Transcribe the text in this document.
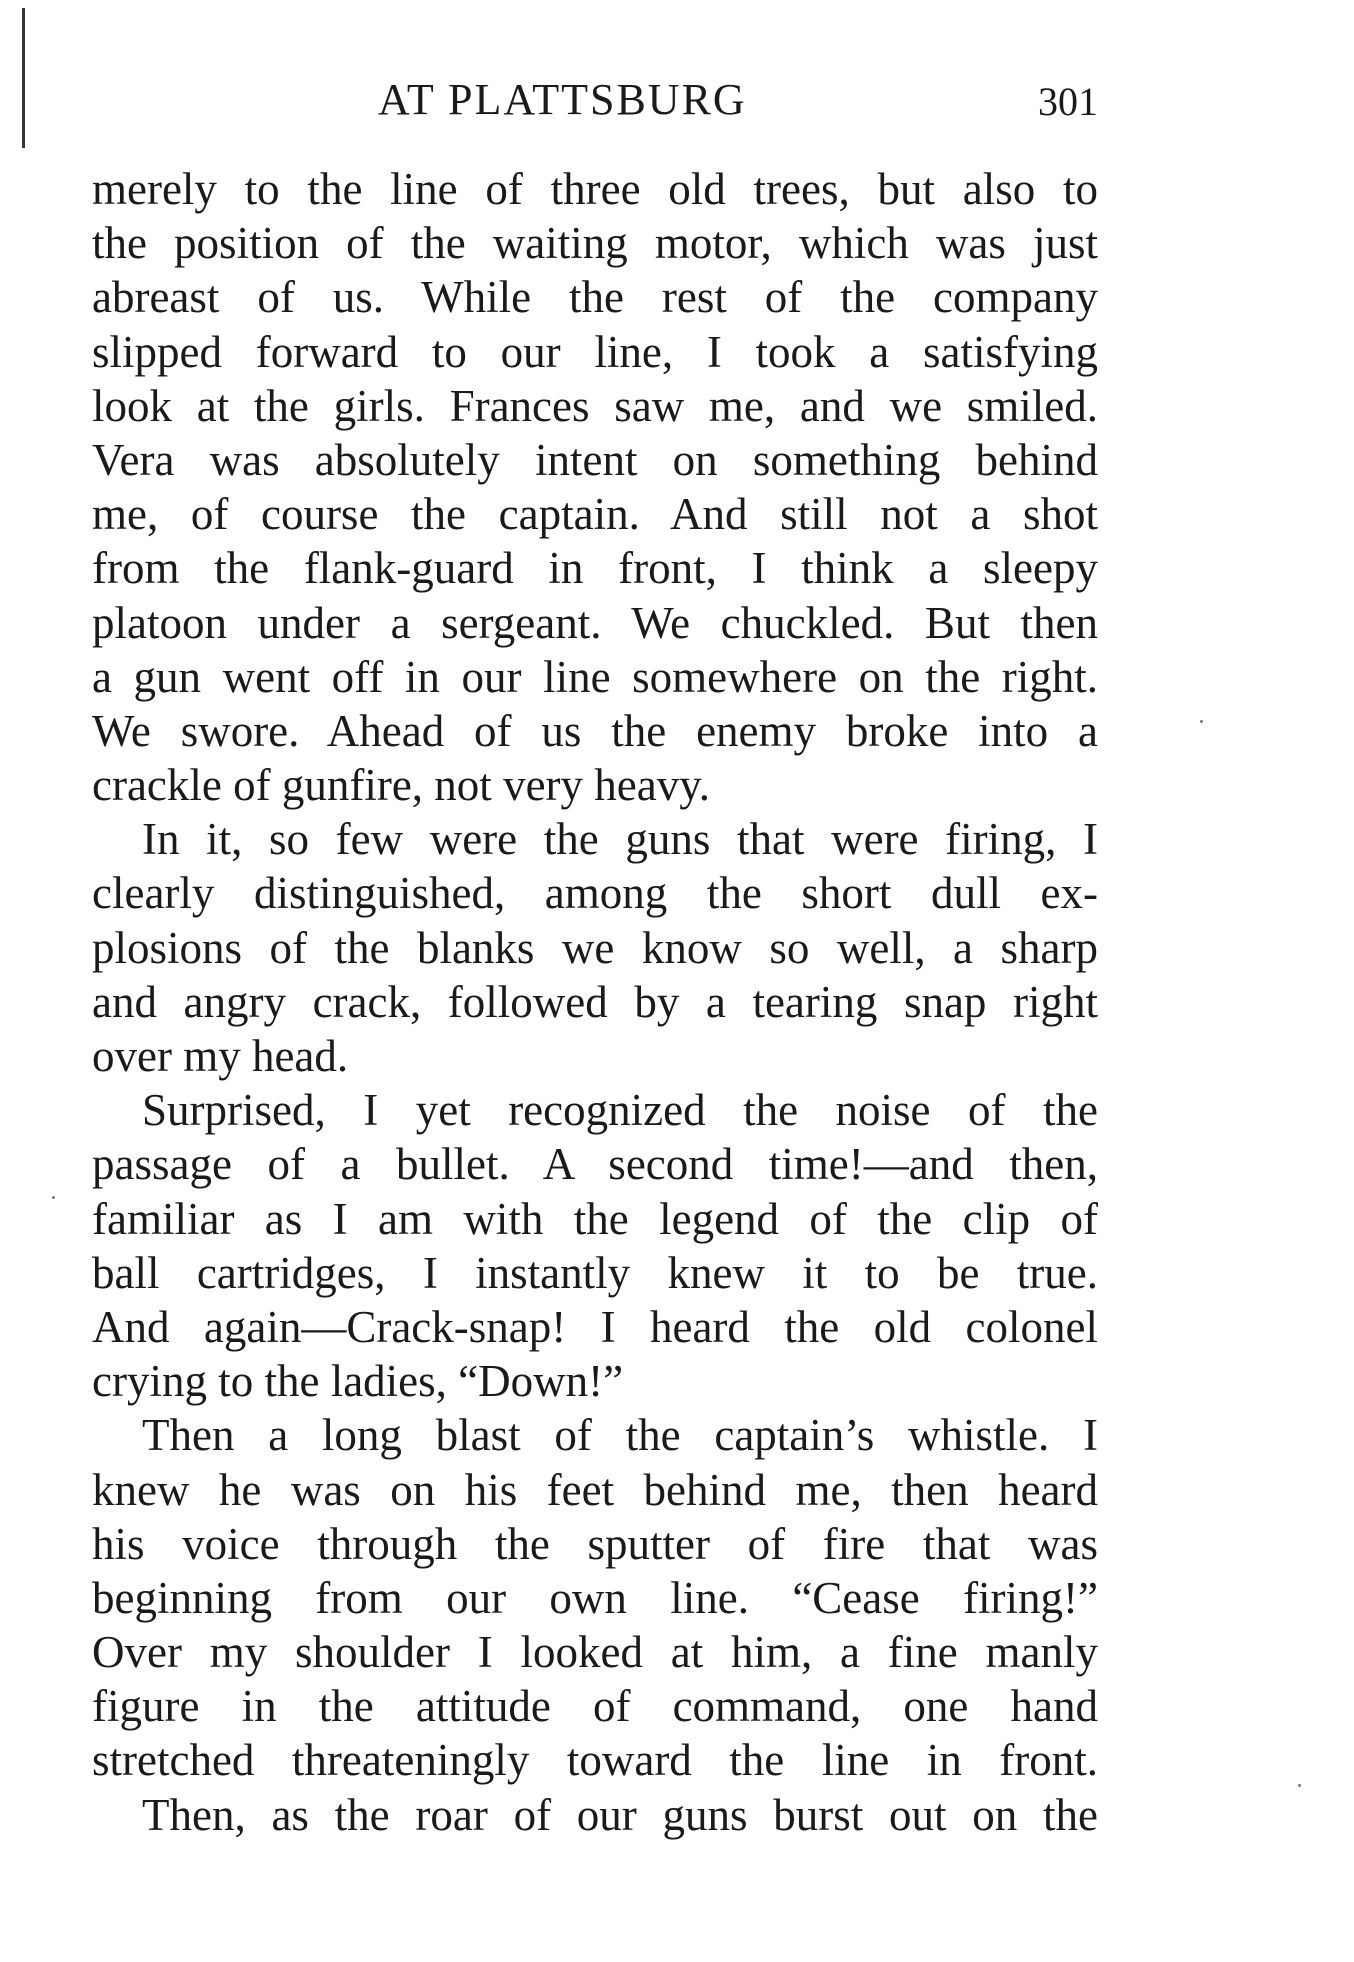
AT PLATTSBURG	301
merely to the line of three old trees, but also to
the position of the waiting motor, which was just
abreast of us. While the rest of the company
slipped forward to our line, I took a satisfying
look at the girls. Frances saw me, and we smiled.
Vera was absolutely intent on something behind
me, of course the captain. And still not a shot
from the flank-guard in front, I think a sleepy
platoon under a sergeant. We chuckled. But then
a gun went off in our line somewhere on the right.
We swore. Ahead of us the enemy broke into a
crackle of gunfire, not very heavy.
In it, so few were the guns that were firing, I
clearly distinguished, among the short dull ex-
plosions of the blanks we know so well, a sharp
and angry crack, followed by a tearing snap right
over my head.
Surprised, I yet recognized the noise of the
passage of a bullet. A second time!—and then,
familiar as I am with the legend of the clip of
ball cartridges, I instantly knew it to be true.
And again—Crack-snap! I heard the old colonel
crying to the ladies, “Down!”
Then a long blast of the captain’s whistle. I
knew he was on his feet behind me, then heard
his voice through the sputter of fire that was
beginning from our own line. “Cease firing!”
Over my shoulder I looked at him, a fine manly
figure in the attitude of command, one hand
stretched threateningly toward the line in front.
Then, as the roar of our guns burst out on the
